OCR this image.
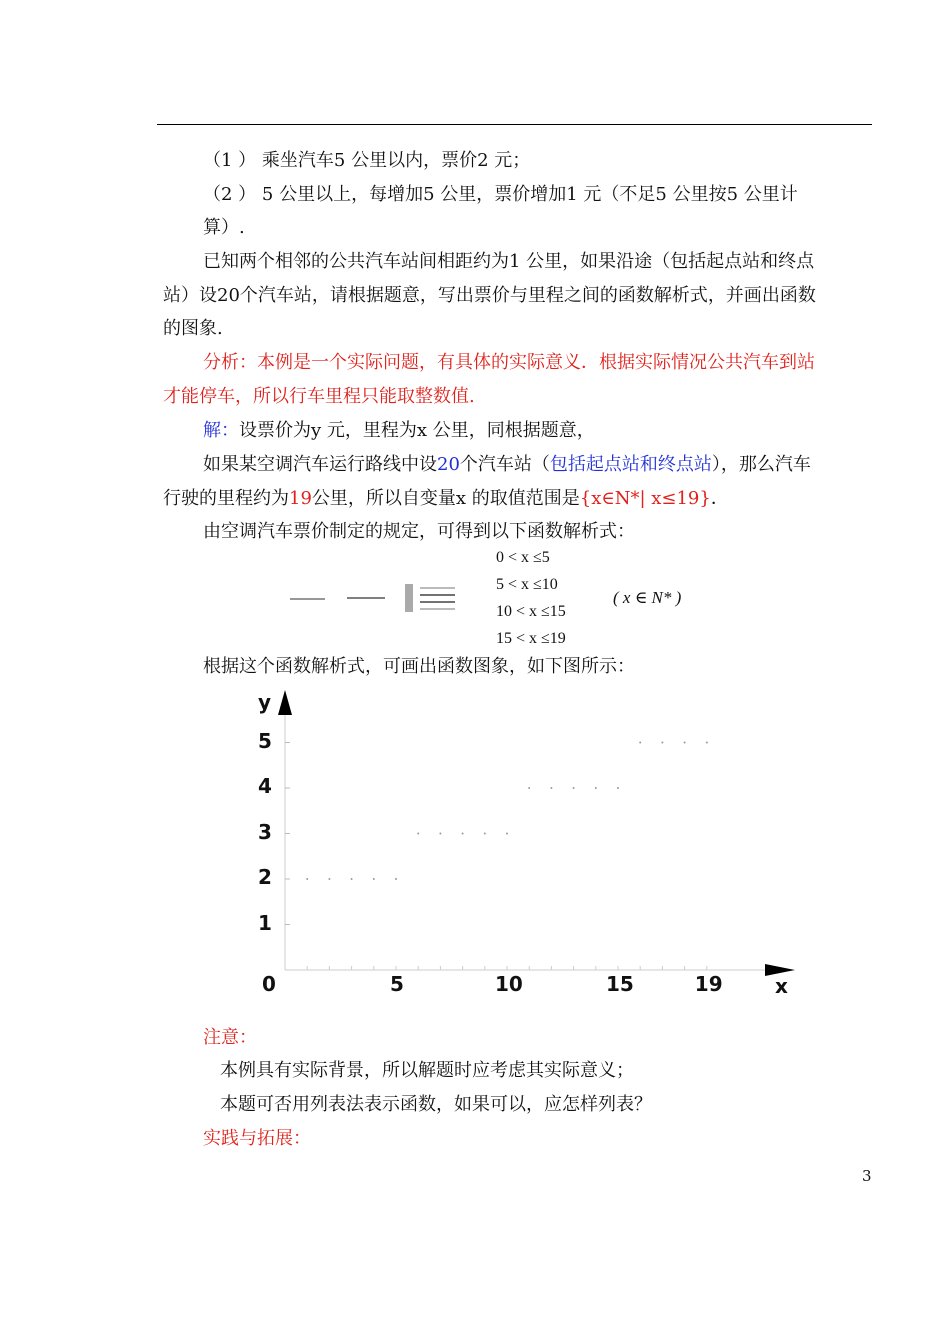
（1 ） 乘坐汽车5 公里以内，票价2 元；
（2 ） 5 公里以上，每增加5 公里，票价增加1 元（不足5 公里按5 公里计
算）.
已知两个相邻的公共汽车站间相距约为1 公里，如果沿途（包括起点站和终点
站）设20个汽车站，请根据题意，写出票价与里程之间的函数解析式，并画出函数
的图象.
分析：本例是一个实际问题，有具体的实际意义．根据实际情况公共汽车到站
才能停车，所以行车里程只能取整数值.
解：设票价为y 元，里程为x 公里，同根据题意，
如果某空调汽车运行路线中设20个汽车站（包括起点站和终点站），那么汽车
行驶的里程约为19公里，所以自变量x 的取值范围是{x∈N*| x≤19}．
由空调汽车票价制定的规定，可得到以下函数解析式：
0 < x ≤5
5 < x ≤10
10 < x ≤15
15 < x ≤19
( x ∈ N* )
根据这个函数解析式，可画出函数图象，如下图所示：
y
x
1
2
3
4
5
0	5	10	15	19
注意：
本例具有实际背景，所以解题时应考虑其实际意义；
本题可否用列表法表示函数，如果可以，应怎样列表？
实践与拓展：
3
